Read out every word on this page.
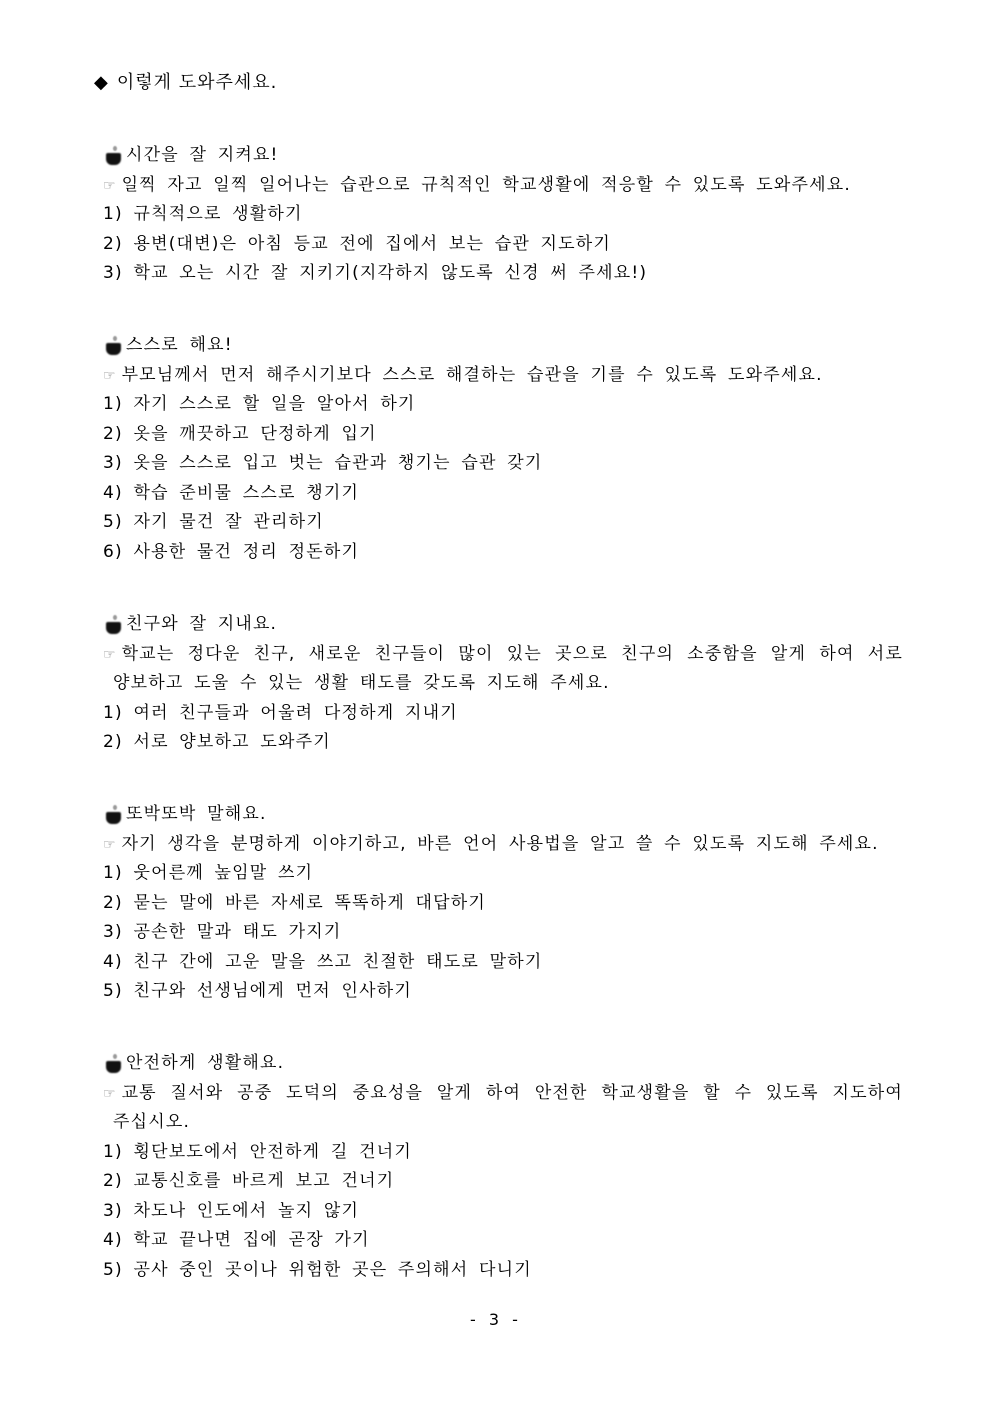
◆ 이렇게 도와주세요.
시간을 잘 지켜요!
☞ 일찍 자고 일찍 일어나는 습관으로 규칙적인 학교생활에 적응할 수 있도록 도와주세요.
1) 규칙적으로 생활하기
2) 용변(대변)은 아침 등교 전에 집에서 보는 습관 지도하기
3) 학교 오는 시간 잘 지키기(지각하지 않도록 신경 써 주세요!)
스스로 해요!
☞ 부모님께서 먼저 해주시기보다 스스로 해결하는 습관을 기를 수 있도록 도와주세요.
1) 자기 스스로 할 일을 알아서 하기
2) 옷을 깨끗하고 단정하게 입기
3) 옷을 스스로 입고 벗는 습관과 챙기는 습관 갖기
4) 학습 준비물 스스로 챙기기
5) 자기 물건 잘 관리하기
6) 사용한 물건 정리 정돈하기
친구와 잘 지내요.
☞ 학교는 정다운 친구, 새로운 친구들이 많이 있는 곳으로 친구의 소중함을 알게 하여 서로
양보하고 도울 수 있는 생활 태도를 갖도록 지도해 주세요.
1) 여러 친구들과 어울려 다정하게 지내기
2) 서로 양보하고 도와주기
또박또박 말해요.
☞ 자기 생각을 분명하게 이야기하고, 바른 언어 사용법을 알고 쓸 수 있도록 지도해 주세요.
1) 웃어른께 높임말 쓰기
2) 묻는 말에 바른 자세로 똑똑하게 대답하기
3) 공손한 말과 태도 가지기
4) 친구 간에 고운 말을 쓰고 친절한 태도로 말하기
5) 친구와 선생님에게 먼저 인사하기
안전하게 생활해요.
☞ 교통 질서와 공중 도덕의 중요성을 알게 하여 안전한 학교생활을 할 수 있도록 지도하여
주십시오.
1) 횡단보도에서 안전하게 길 건너기
2) 교통신호를 바르게 보고 건너기
3) 차도나 인도에서 놀지 않기
4) 학교 끝나면 집에 곧장 가기
5) 공사 중인 곳이나 위험한 곳은 주의해서 다니기
- 3 -
